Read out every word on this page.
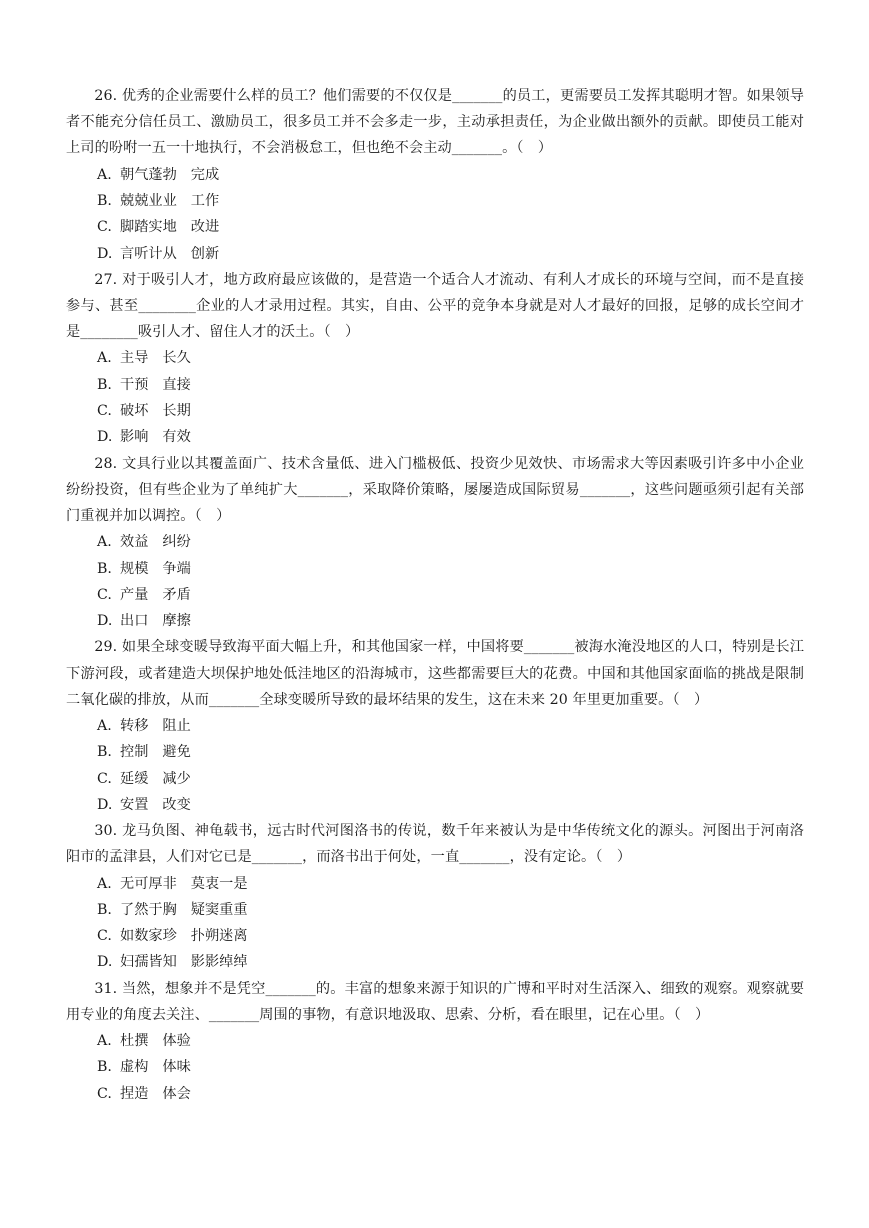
26. 优秀的企业需要什么样的员工？他们需要的不仅仅是_______的员工，更需要员工发挥其聪明才智。如果领导者不能充分信任员工、激励员工，很多员工并不会多走一步，主动承担责任，为企业做出额外的贡献。即使员工能对上司的吩咐一五一十地执行，不会消极怠工，但也绝不会主动_______。（　）

A. 朝气蓬勃 完成
B. 兢兢业业 工作
C. 脚踏实地 改进
D. 言听计从 创新

27. 对于吸引人才，地方政府最应该做的，是营造一个适合人才流动、有利人才成长的环境与空间，而不是直接参与、甚至________企业的人才录用过程。其实，自由、公平的竞争本身就是对人才最好的回报，足够的成长空间才是________吸引人才、留住人才的沃土。（　）

A. 主导 长久
B. 干预 直接
C. 破坏 长期
D. 影响 有效

28. 文具行业以其覆盖面广、技术含量低、进入门槛极低、投资少见效快、市场需求大等因素吸引许多中小企业纷纷投资，但有些企业为了单纯扩大_______，采取降价策略，屡屡造成国际贸易_______，这些问题亟须引起有关部门重视并加以调控。（　）

A. 效益 纠纷
B. 规模 争端
C. 产量 矛盾
D. 出口 摩擦

29. 如果全球变暖导致海平面大幅上升，和其他国家一样，中国将要_______被海水淹没地区的人口，特别是长江下游河段，或者建造大坝保护地处低洼地区的沿海城市，这些都需要巨大的花费。中国和其他国家面临的挑战是限制二氧化碳的排放，从而_______全球变暖所导致的最坏结果的发生，这在未来 20 年里更加重要。（　）

A. 转移 阻止
B. 控制 避免
C. 延缓 减少
D. 安置 改变

30. 龙马负图、神龟载书，远古时代河图洛书的传说，数千年来被认为是中华传统文化的源头。河图出于河南洛阳市的孟津县，人们对它已是_______，而洛书出于何处，一直_______，没有定论。（　）

A. 无可厚非 莫衷一是
B. 了然于胸 疑窦重重
C. 如数家珍 扑朔迷离
D. 妇孺皆知 影影绰绰

31. 当然，想象并不是凭空_______的。丰富的想象来源于知识的广博和平时对生活深入、细致的观察。观察就要用专业的角度去关注、_______周围的事物，有意识地汲取、思索、分析，看在眼里，记在心里。（　）

A. 杜撰 体验
B. 虚构 体味
C. 捏造 体会
